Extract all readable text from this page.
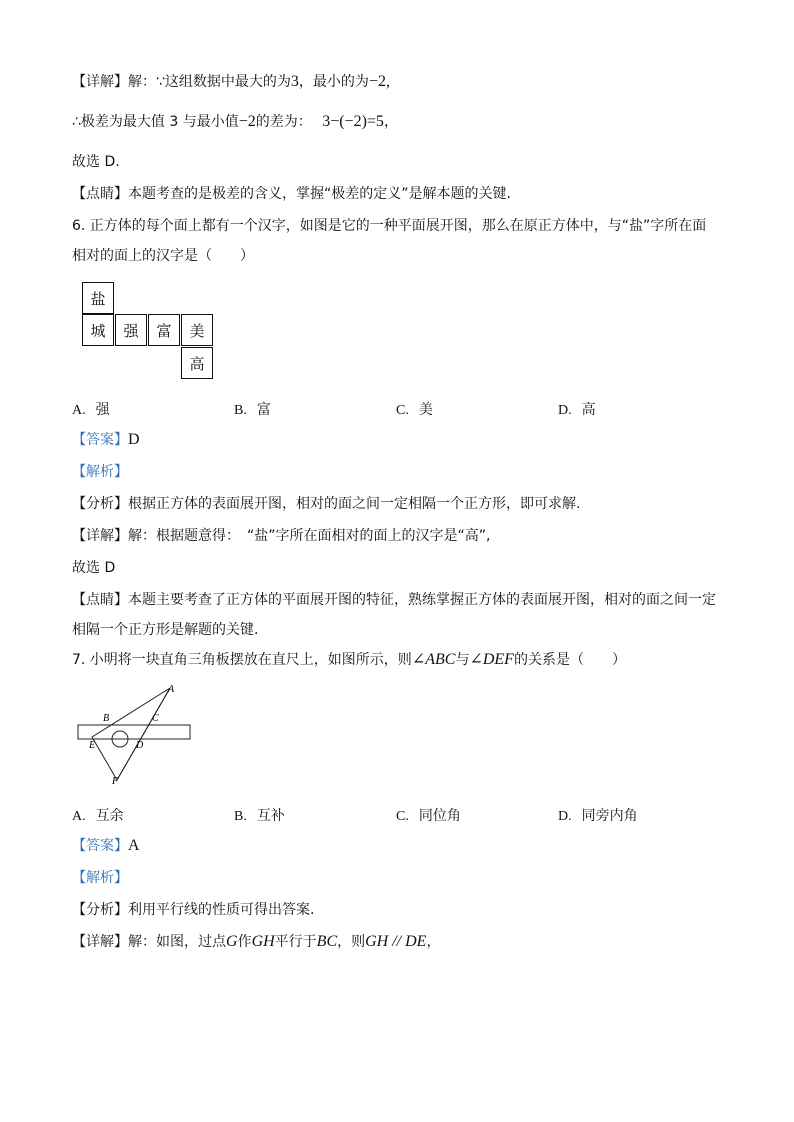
【详解】解：∵这组数据中最大的为3，最小的为−2,
∴极差为最大值 3 与最小值−2的差为： 3−(−2)=5，
故选 D.
【点睛】本题考查的是极差的含义，掌握“极差的定义”是解本题的关键.
6. 正方体的每个面上都有一个汉字，如图是它的一种平面展开图，那么在原正方体中，与“盐”字所在面
相对的面上的汉字是（　　）
盐
城	强	富	美
高
A. 强	B. 富	C. 美	D. 高
【答案】D
【解析】
【分析】根据正方体的表面展开图，相对的面之间一定相隔一个正方形，即可求解.
【详解】解：根据题意得：　“盐”字所在面相对的面上的汉字是“高”,
故选 D
【点睛】本题主要考查了正方体的平面展开图的特征，熟练掌握正方体的表面展开图，相对的面之间一定
相隔一个正方形是解题的关键.
7. 小明将一块直角三角板摆放在直尺上，如图所示，则∠ABC与∠DEF的关系是（　　）
A
B	C
E	D
F
A. 互余	B. 互补	C. 同位角	D. 同旁内角
【答案】A
【解析】
【分析】利用平行线的性质可得出答案.
【详解】解：如图，过点G作GH平行于BC，则GH // DE，
